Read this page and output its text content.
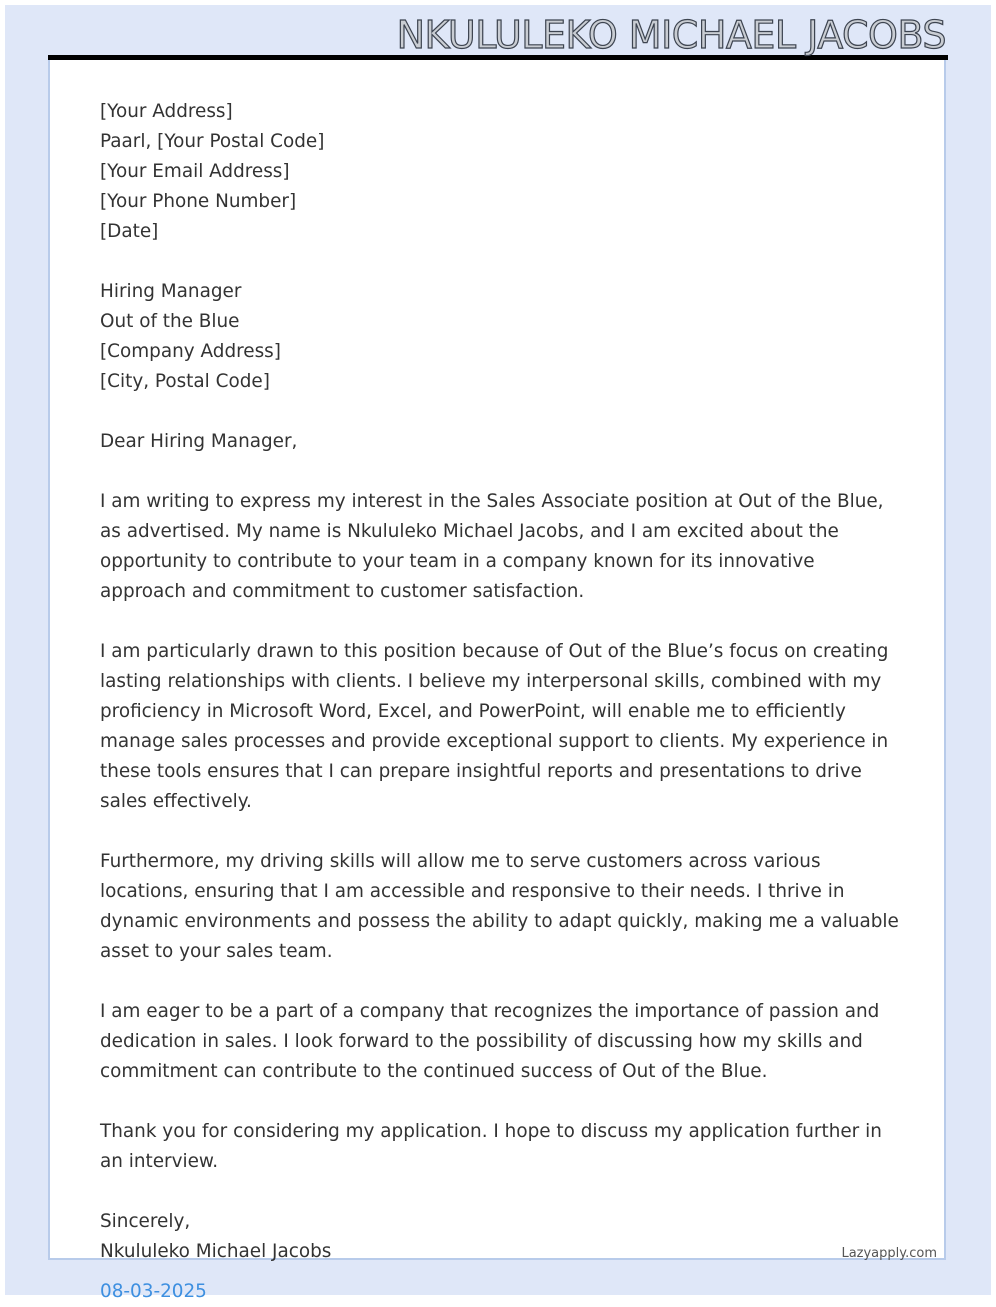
NKULULEKO MICHAEL JACOBS

[Your Address]

Paarl, [Your Postal Code]

[Your Email Address]

[Your Phone Number]

[Date]

Hiring Manager

Out of the Blue

[Company Address]

[City, Postal Code]

Dear Hiring Manager,

I am writing to express my interest in the Sales Associate position at Out of the Blue, as advertised. My name is Nkululeko Michael Jacobs, and I am excited about the opportunity to contribute to your team in a company known for its innovative approach and commitment to customer satisfaction.

I am particularly drawn to this position because of Out of the Blue’s focus on creating lasting relationships with clients. I believe my interpersonal skills, combined with my proficiency in Microsoft Word, Excel, and PowerPoint, will enable me to efficiently manage sales processes and provide exceptional support to clients. My experience in these tools ensures that I can prepare insightful reports and presentations to drive sales effectively.

Furthermore, my driving skills will allow me to serve customers across various locations, ensuring that I am accessible and responsive to their needs. I thrive in dynamic environments and possess the ability to adapt quickly, making me a valuable asset to your sales team.

I am eager to be a part of a company that recognizes the importance of passion and dedication in sales. I look forward to the possibility of discussing how my skills and commitment can contribute to the continued success of Out of the Blue.

Thank you for considering my application. I hope to discuss my application further in an interview.

Sincerely,

Nkululeko Michael Jacobs	Lazyapply.com
08-03-2025
